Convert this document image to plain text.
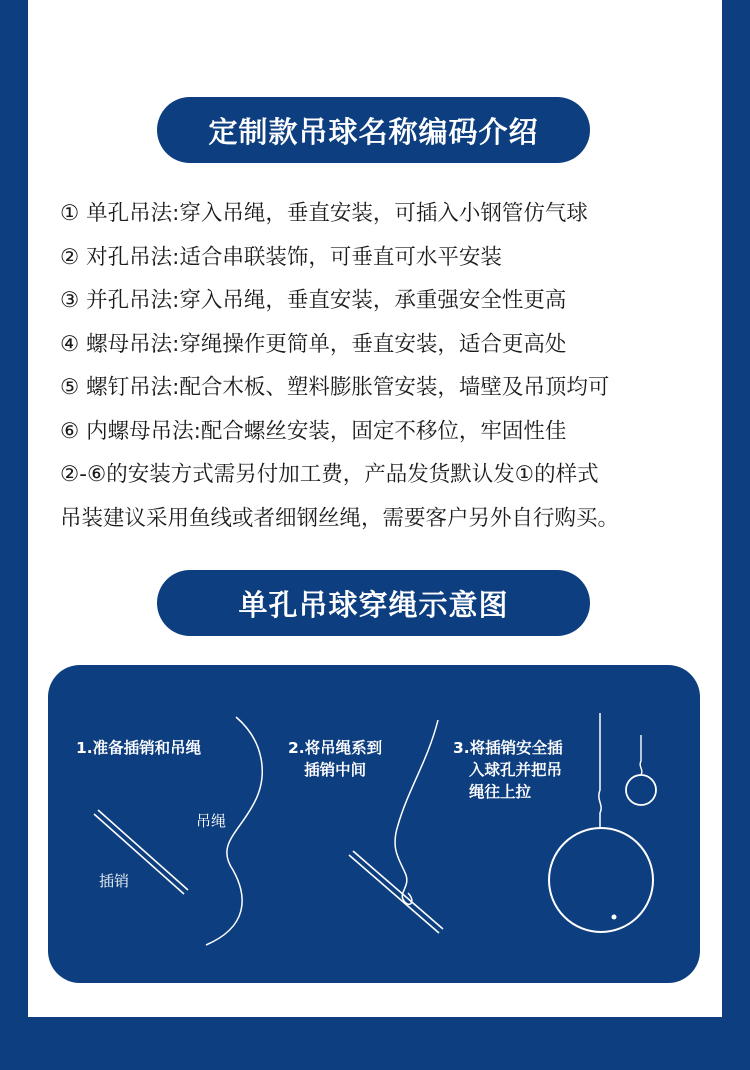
定制款吊球名称编码介绍
① 单孔吊法:穿入吊绳，垂直安装，可插入小钢管仿气球
② 对孔吊法:适合串联装饰，可垂直可水平安装
③ 并孔吊法:穿入吊绳，垂直安装，承重强安全性更高
④ 螺母吊法:穿绳操作更简单，垂直安装，适合更高处
⑤ 螺钉吊法:配合木板、塑料膨胀管安装，墙壁及吊顶均可
⑥ 内螺母吊法:配合螺丝安装，固定不移位，牢固性佳
②-⑥的安装方式需另付加工费，产品发货默认发①的样式
吊装建议采用鱼线或者细钢丝绳，需要客户另外自行购买。
单孔吊球穿绳示意图
1.准备插销和吊绳	2.将吊绳系到
插销中间
3.将插销安全插
入球孔并把吊
绳往上拉
吊绳
插销
